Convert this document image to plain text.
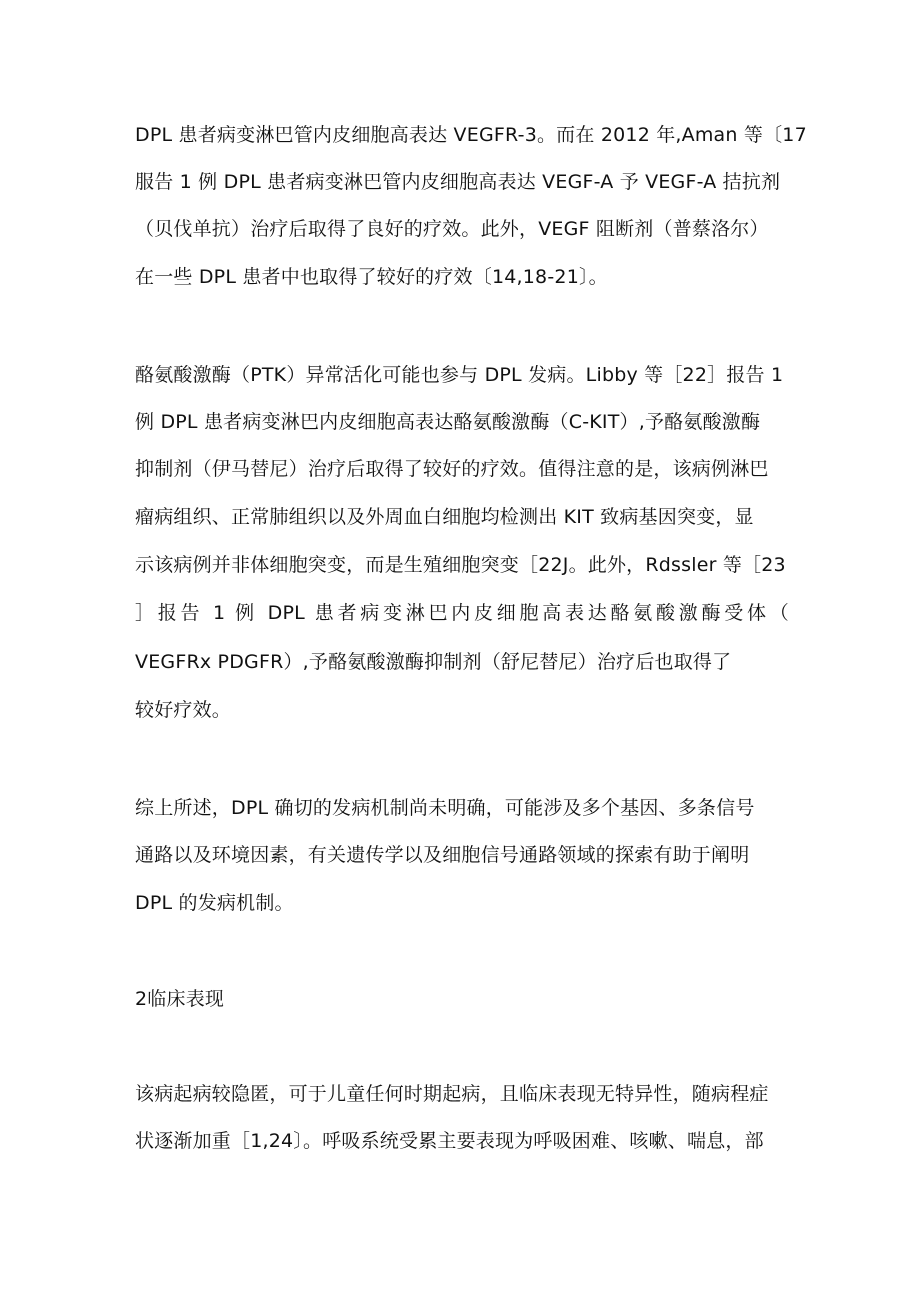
DPL 患者病变淋巴管内皮细胞高表达 VEGFR-3。而在 2012 年,Aman 等〔17
服告 1 例 DPL 患者病变淋巴管内皮细胞高表达 VEGF-A 予 VEGF-A 拮抗剂
（贝伐单抗）治疗后取得了良好的疗效。此外，VEGF 阻断剂（普蔡洛尔）
在一些 DPL 患者中也取得了较好的疗效〔14,18-21〕。
酪氨酸激酶（PTK）异常活化可能也参与 DPL 发病。Libby 等［22］报告 1
例 DPL 患者病变淋巴内皮细胞高表达酪氨酸激酶（C-KIT）,予酪氨酸激酶
抑制剂（伊马替尼）治疗后取得了较好的疗效。值得注意的是，该病例淋巴
瘤病组织、正常肺组织以及外周血白细胞均检测出 KIT 致病基因突变，显
示该病例并非体细胞突变，而是生殖细胞突变［22J。此外，Rdssler 等［23
］报告 1 例 DPL 患者病变淋巴内皮细胞高表达酪氨酸激酶受体（
VEGFRx PDGFR）,予酪氨酸激酶抑制剂（舒尼替尼）治疗后也取得了
较好疗效。
综上所述，DPL 确切的发病机制尚未明确，可能涉及多个基因、多条信号
通路以及环境因素，有关遗传学以及细胞信号通路领域的探索有助于阐明
DPL 的发病机制。
2临床表现
该病起病较隐匿，可于儿童任何时期起病，且临床表现无特异性，随病程症
状逐渐加重［1,24〕。呼吸系统受累主要表现为呼吸困难、咳嗽、喘息，部
